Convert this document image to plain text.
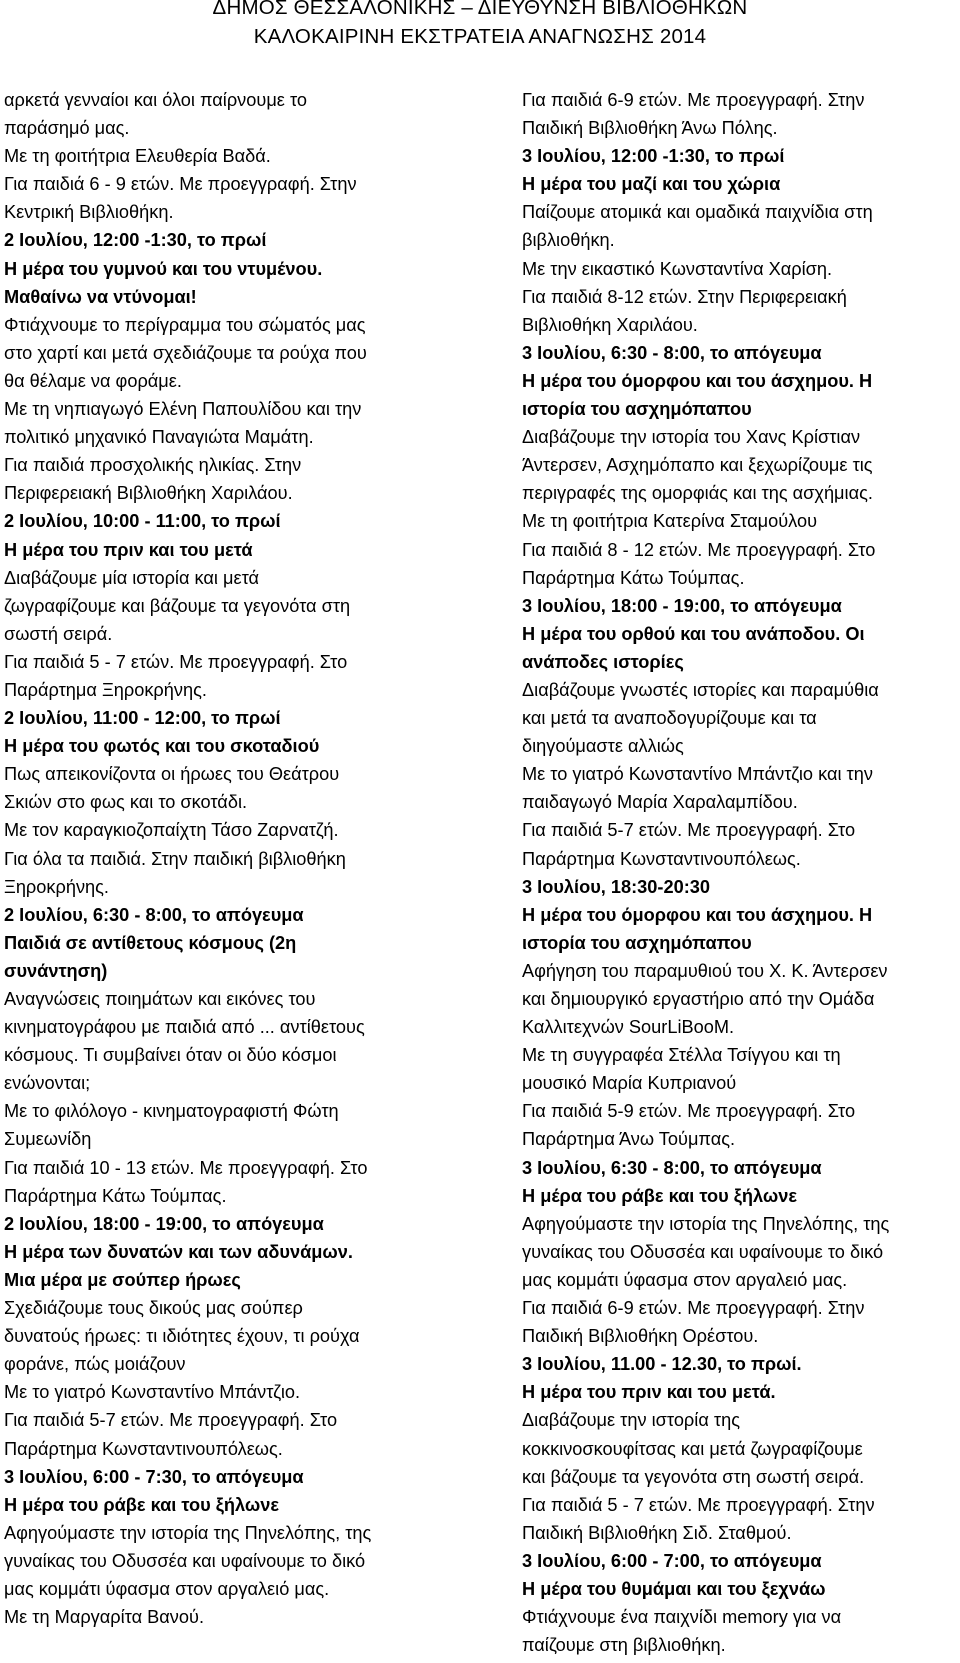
ΔΗΜΟΣ ΘΕΣΣΑΛΟΝΙΚΗΣ – ΔΙΕΥΘΥΝΣΗ ΒΙΒΛΙΟΘΗΚΩΝ
ΚΑΛΟΚΑΙΡΙΝΗ ΕΚΣΤΡΑΤΕΙΑ ΑΝΑΓΝΩΣΗΣ 2014
αρκετά γενναίοι και όλοι παίρνουμε το
παράσημό μας.
Με τη φοιτήτρια Ελευθερία Βαδά.
Για παιδιά 6 - 9 ετών. Με προεγγραφή. Στην
Κεντρική Βιβλιοθήκη.
2 Ιουλίου, 12:00 -1:30, το πρωί
Η μέρα του γυμνού και του ντυμένου.
Μαθαίνω να ντύνομαι!
Φτιάχνουμε το περίγραμμα του σώματός μας
στο χαρτί και μετά σχεδιάζουμε τα ρούχα που
θα θέλαμε να φοράμε.
Με τη νηπιαγωγό Ελένη Παπουλίδου και την
πολιτικό μηχανικό Παναγιώτα Μαμάτη.
Για παιδιά προσχολικής ηλικίας. Στην
Περιφερειακή Βιβλιοθήκη Χαριλάου.
2 Ιουλίου, 10:00 - 11:00, το πρωί
Η μέρα του πριν και του μετά
Διαβάζουμε μία ιστορία και μετά
ζωγραφίζουμε και βάζουμε τα γεγονότα στη
σωστή σειρά.
Για παιδιά 5 - 7 ετών. Με προεγγραφή. Στο
Παράρτημα Ξηροκρήνης.
2 Ιουλίου, 11:00 - 12:00, το πρωί
Η μέρα του φωτός και του σκοταδιού
Πως απεικονίζοντα οι ήρωες του Θεάτρου
Σκιών στο φως και το σκοτάδι.
Με τον καραγκιοζοπαίχτη Τάσο Ζαρνατζή.
Για όλα τα παιδιά. Στην παιδική βιβλιοθήκη
Ξηροκρήνης.
2 Ιουλίου, 6:30 - 8:00, το απόγευμα
Παιδιά σε αντίθετους κόσμους (2η
συνάντηση)
Αναγνώσεις ποιημάτων και εικόνες του
κινηματογράφου με παιδιά από ... αντίθετους
κόσμους. Τι συμβαίνει όταν οι δύο κόσμοι
ενώνονται;
Με το φιλόλογο - κινηματογραφιστή Φώτη
Συμεωνίδη
Για παιδιά 10 - 13 ετών. Με προεγγραφή. Στο
Παράρτημα Κάτω Τούμπας.
2 Ιουλίου, 18:00 - 19:00, το απόγευμα
Η μέρα των δυνατών και των αδυνάμων.
Μια μέρα με σούπερ ήρωες
Σχεδιάζουμε τους δικούς μας σούπερ
δυνατούς ήρωες: τι ιδιότητες έχουν, τι ρούχα
φοράνε, πώς μοιάζουν
Με το γιατρό Κωνσταντίνο Μπάντζιο.
Για παιδιά 5-7 ετών. Με προεγγραφή. Στο
Παράρτημα Κωνσταντινουπόλεως.
3 Ιουλίου, 6:00 - 7:30, το απόγευμα
Η μέρα του ράβε και του ξήλωνε
Αφηγούμαστε την ιστορία της Πηνελόπης, της
γυναίκας του Οδυσσέα και υφαίνουμε το δικό
μας κομμάτι ύφασμα στον αργαλειό μας.
Με τη Μαργαρίτα Βανού.
Για παιδιά 6-9 ετών. Με προεγγραφή. Στην
Παιδική Βιβλιοθήκη Άνω Πόλης.
3 Ιουλίου, 12:00 -1:30, το πρωί
Η μέρα του μαζί και του χώρια
Παίζουμε ατομικά και ομαδικά παιχνίδια στη
βιβλιοθήκη.
Με την εικαστικό Κωνσταντίνα Χαρίση.
Για παιδιά 8-12 ετών. Στην Περιφερειακή
Βιβλιοθήκη Χαριλάου.
3 Ιουλίου, 6:30 - 8:00, το απόγευμα
Η μέρα του όμορφου και του άσχημου. Η
ιστορία του ασχημόπαπου
Διαβάζουμε την ιστορία του Χανς Κρίστιαν
Άντερσεν, Ασχημόπαπο και ξεχωρίζουμε τις
περιγραφές της ομορφιάς και της ασχήμιας.
Με τη φοιτήτρια Κατερίνα Σταμούλου
Για παιδιά 8 - 12 ετών. Με προεγγραφή. Στο
Παράρτημα Κάτω Τούμπας.
3 Ιουλίου, 18:00 - 19:00, το απόγευμα
Η μέρα του ορθού και του ανάποδου. Οι
ανάποδες ιστορίες
Διαβάζουμε γνωστές ιστορίες και παραμύθια
και μετά τα αναποδογυρίζουμε και τα
διηγούμαστε αλλιώς
Με το γιατρό Κωνσταντίνο Μπάντζιο και την
παιδαγωγό Μαρία Χαραλαμπίδου.
Για παιδιά 5-7 ετών. Με προεγγραφή. Στο
Παράρτημα Κωνσταντινουπόλεως.
3 Ιουλίου, 18:30-20:30
Η μέρα του όμορφου και του άσχημου. Η
ιστορία του ασχημόπαπου
Αφήγηση του παραμυθιού του Χ. Κ. Άντερσεν
και δημιουργικό εργαστήριο από την Ομάδα
Καλλιτεχνών SourLiBooM.
Με τη συγγραφέα Στέλλα Τσίγγου και τη
μουσικό Μαρία Κυπριανού
Για παιδιά 5-9 ετών. Με προεγγραφή. Στο
Παράρτημα Άνω Τούμπας.
3 Ιουλίου, 6:30 - 8:00, το απόγευμα
Η μέρα του ράβε και του ξήλωνε
Αφηγούμαστε την ιστορία της Πηνελόπης, της
γυναίκας του Οδυσσέα και υφαίνουμε το δικό
μας κομμάτι ύφασμα στον αργαλειό μας.
Για παιδιά 6-9 ετών. Με προεγγραφή. Στην
Παιδική Βιβλιοθήκη Ορέστου.
3 Ιουλίου, 11.00 - 12.30, το πρωί.
Η μέρα του πριν και του μετά.
Διαβάζουμε την ιστορία της
κοκκινοσκουφίτσας και μετά ζωγραφίζουμε
και βάζουμε τα γεγονότα στη σωστή σειρά.
Για παιδιά 5 - 7 ετών. Με προεγγραφή. Στην
Παιδική Βιβλιοθήκη Σιδ. Σταθμού.
3 Ιουλίου, 6:00 - 7:00, το απόγευμα
Η μέρα του θυμάμαι και του ξεχνάω
Φτιάχνουμε ένα παιχνίδι memory για να
παίζουμε στη βιβλιοθήκη.
